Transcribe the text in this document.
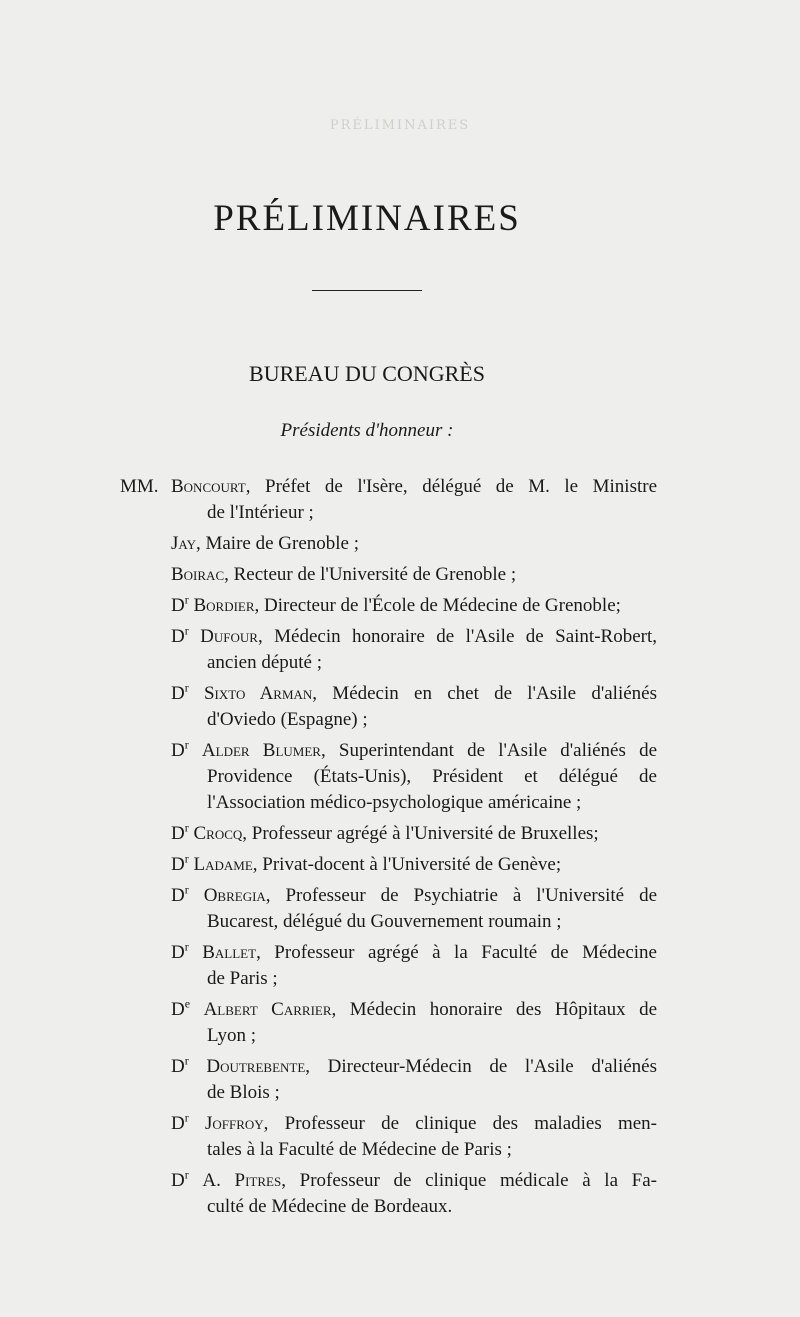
PRÉLIMINAIRES
PRÉLIMINAIRES
BUREAU DU CONGRÈS
Présidents d'honneur :
MM. Boncourt, Préfet de l'Isère, délégué de M. le Ministre
de l'Intérieur ;
Jay, Maire de Grenoble ;
Boirac, Recteur de l'Université de Grenoble ;
$D^r$ Bordier, Directeur de l'École de Médecine de Grenoble;
$D^r$ Dufour, Médecin honoraire de l'Asile de Saint-Robert,
ancien député ;
$D^r$ Sixto Arman, Médecin en chet de l'Asile d'aliénés
d'Oviedo (Espagne) ;
$D^r$ Alder Blumer, Superintendant de l'Asile d'aliénés de
Providence (États-Unis), Président et délégué de
l'Association médico-psychologique américaine ;
$D^r$ Crocq, Professeur agrégé à l'Université de Bruxelles;
$D^r$ Ladame, Privat-docent à l'Université de Genève;
$D^r$ Obregia, Professeur de Psychiatrie à l'Université de
Bucarest, délégué du Gouvernement roumain ;
$D^r$ Ballet, Professeur agrégé à la Faculté de Médecine
de Paris ;
De Albert Carrier, Médecin honoraire des Hôpitaux de
Lyon ;
$D^r$ Doutrebente, Directeur-Médecin de l'Asile d'aliénés
de Blois ;
$D^r$ Joffroy, Professeur de clinique des maladies men-
tales à la Faculté de Médecine de Paris ;
$D^r$ A. Pitres, Professeur de clinique médicale à la Fa-
culté de Médecine de Bordeaux.
